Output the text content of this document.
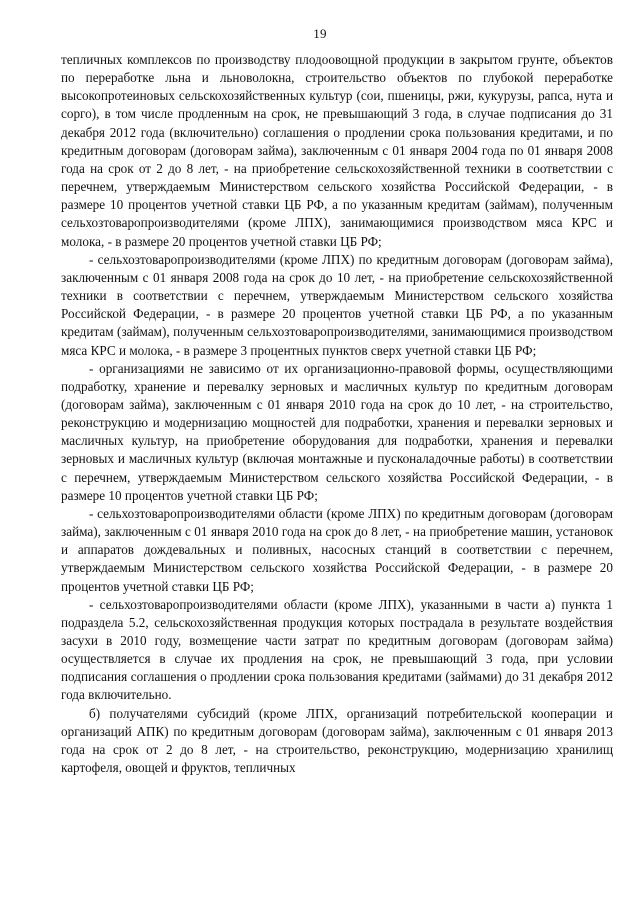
19

тепличных комплексов по производству плодоовощной продукции в закрытом грунте, объектов по переработке льна и льноволокна, строительство объектов по глубокой переработке высокопротеиновых сельскохозяйственных культур (сои, пшеницы, ржи, кукурузы, рапса, нута и сорго), в том числе продленным на срок, не превышающий 3 года, в случае подписания до 31 декабря 2012 года (включительно) соглашения о продлении срока пользования кредитами, и по кредитным договорам (договорам займа), заключенным с 01 января 2004 года по 01 января 2008 года на срок от 2 до 8 лет, - на приобретение сельскохозяйственной техники в соответствии с перечнем, утверждаемым Министерством сельского хозяйства Российской Федерации, - в размере 10 процентов учетной ставки ЦБ РФ, а по указанным кредитам (займам), полученным сельхозтоваропроизводителями (кроме ЛПХ), занимающимися производством мяса КРС и молока, - в размере 20 процентов учетной ставки ЦБ РФ;

- сельхозтоваропроизводителями (кроме ЛПХ) по кредитным договорам (договорам займа), заключенным с 01 января 2008 года на срок до 10 лет, - на приобретение сельскохозяйственной техники в соответствии с перечнем, утверждаемым Министерством сельского хозяйства Российской Федерации, - в размере 20 процентов учетной ставки ЦБ РФ, а по указанным кредитам (займам), полученным сельхозтоваропроизводителями, занимающимися производством мяса КРС и молока, - в размере 3 процентных пунктов сверх учетной ставки ЦБ РФ;

- организациями не зависимо от их организационно-правовой формы, осуществляющими подработку, хранение и перевалку зерновых и масличных культур по кредитным договорам (договорам займа), заключенным с 01 января 2010 года на срок до 10 лет, - на строительство, реконструкцию и модернизацию мощностей для подработки, хранения и перевалки зерновых и масличных культур, на приобретение оборудования для подработки, хранения и перевалки зерновых и масличных культур (включая монтажные и пусконаладочные работы) в соответствии с перечнем, утверждаемым Министерством сельского хозяйства Российской Федерации, - в размере 10 процентов учетной ставки ЦБ РФ;

- сельхозтоваропроизводителями области (кроме ЛПХ) по кредитным договорам (договорам займа), заключенным с 01 января 2010 года на срок до 8 лет, - на приобретение машин, установок и аппаратов дождевальных и поливных, насосных станций в соответствии с перечнем, утверждаемым Министерством сельского хозяйства Российской Федерации, - в размере 20 процентов учетной ставки ЦБ РФ;

- сельхозтоваропроизводителями области (кроме ЛПХ), указанными в части а) пункта 1 подраздела 5.2, сельскохозяйственная продукция которых пострадала в результате воздействия засухи в 2010 году, возмещение части затрат по кредитным договорам (договорам займа) осуществляется в случае их продления на срок, не превышающий 3 года, при условии подписания соглашения о продлении срока пользования кредитами (займами) до 31 декабря 2012 года включительно.

б) получателями субсидий (кроме ЛПХ, организаций потребительской кооперации и организаций АПК) по кредитным договорам (договорам займа), заключенным с 01 января 2013 года на срок от 2 до 8 лет, - на строительство, реконструкцию, модернизацию хранилищ картофеля, овощей и фруктов, тепличных
